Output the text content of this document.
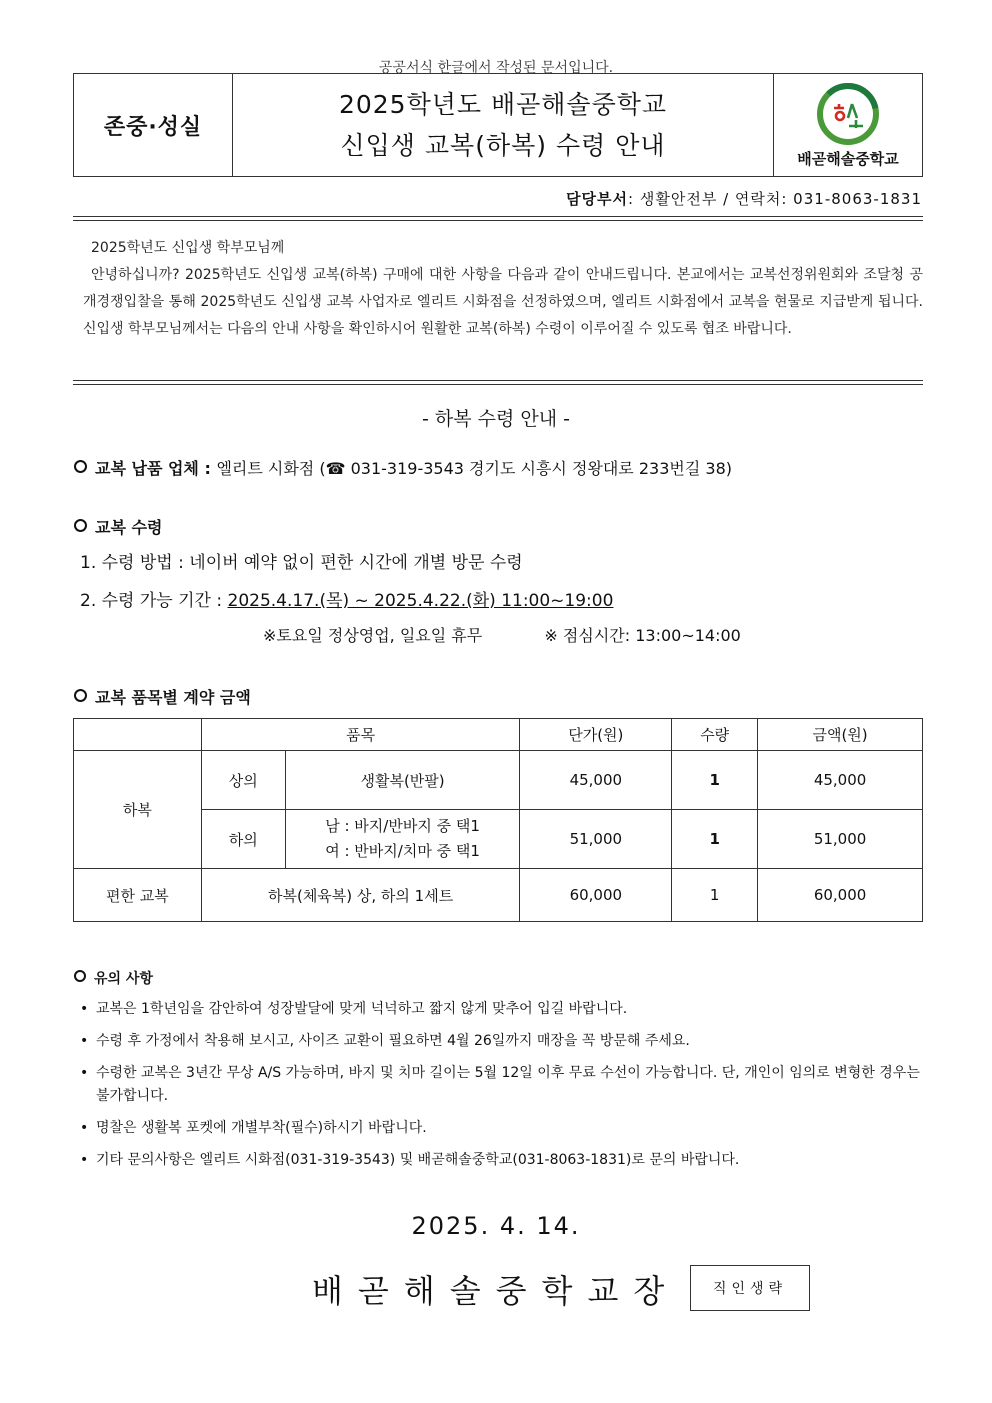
공공서식 한글에서 작성된 문서입니다.
존중·성실
2025학년도 배곧해솔중학교
신입생 교복(하복) 수령 안내	배곧해솔중학교
담당부서: 생활안전부 / 연락처: 031-8063-1831

2025학년도 신입생 학부모님께

안녕하십니까? 2025학년도 신입생 교복(하복) 구매에 대한 사항을 다음과 같이 안내드립니다. 본교에서는 교복선정위원회와 조달청 공개경쟁입찰을 통해 2025학년도 신입생 교복 사업자로 엘리트 시화점을 선정하였으며, 엘리트 시화점에서 교복을 현물로 지급받게 됩니다. 신입생 학부모님께서는 다음의 안내 사항을 확인하시어 원활한 교복(하복) 수령이 이루어질 수 있도록 협조 바랍니다.

- 하복 수령 안내 -
교복 납품 업체 : 엘리트 시화점 (☎ 031-319-3543 경기도 시흥시 정왕대로 233번길 38)
교복 수령
1. 수령 방법 : 네이버 예약 없이 편한 시간에 개별 방문 수령
2. 수령 가능 기간 : 2025.4.17.(목) ~ 2025.4.22.(화) 11:00~19:00
※토요일 정상영업, 일요일 휴무	※ 점심시간: 13:00~14:00
교복 품목별 계약 금액
	품목		단가(원)	수량	금액(원)
하복	상의	생활복(반팔)	45,000	1	45,000
	하의	남 : 바지/반바지 중 택1
여 : 반바지/치마 중 택1	51,000	1	51,000
편한 교복	하복(체육복) 상, 하의 1세트		60,000	1	60,000
유의 사항
• 교복은 1학년임을 감안하여 성장발달에 맞게 넉넉하고 짧지 않게 맞추어 입길 바랍니다.
• 수령 후 가정에서 착용해 보시고, 사이즈 교환이 필요하면 4월 26일까지 매장을 꼭 방문해 주세요.
• 수령한 교복은 3년간 무상 A/S 가능하며, 바지 및 치마 길이는 5월 12일 이후 무료 수선이 가능합니다. 단, 개인이 임의로 변형한 경우는 불가합니다.
• 명찰은 생활복 포켓에 개별부착(필수)하시기 바랍니다.
• 기타 문의사항은 엘리트 시화점(031-319-3543) 및 배곧해솔중학교(031-8063-1831)로 문의 바랍니다.
2025. 4. 14.
배곧해솔중학교장	직인생략
